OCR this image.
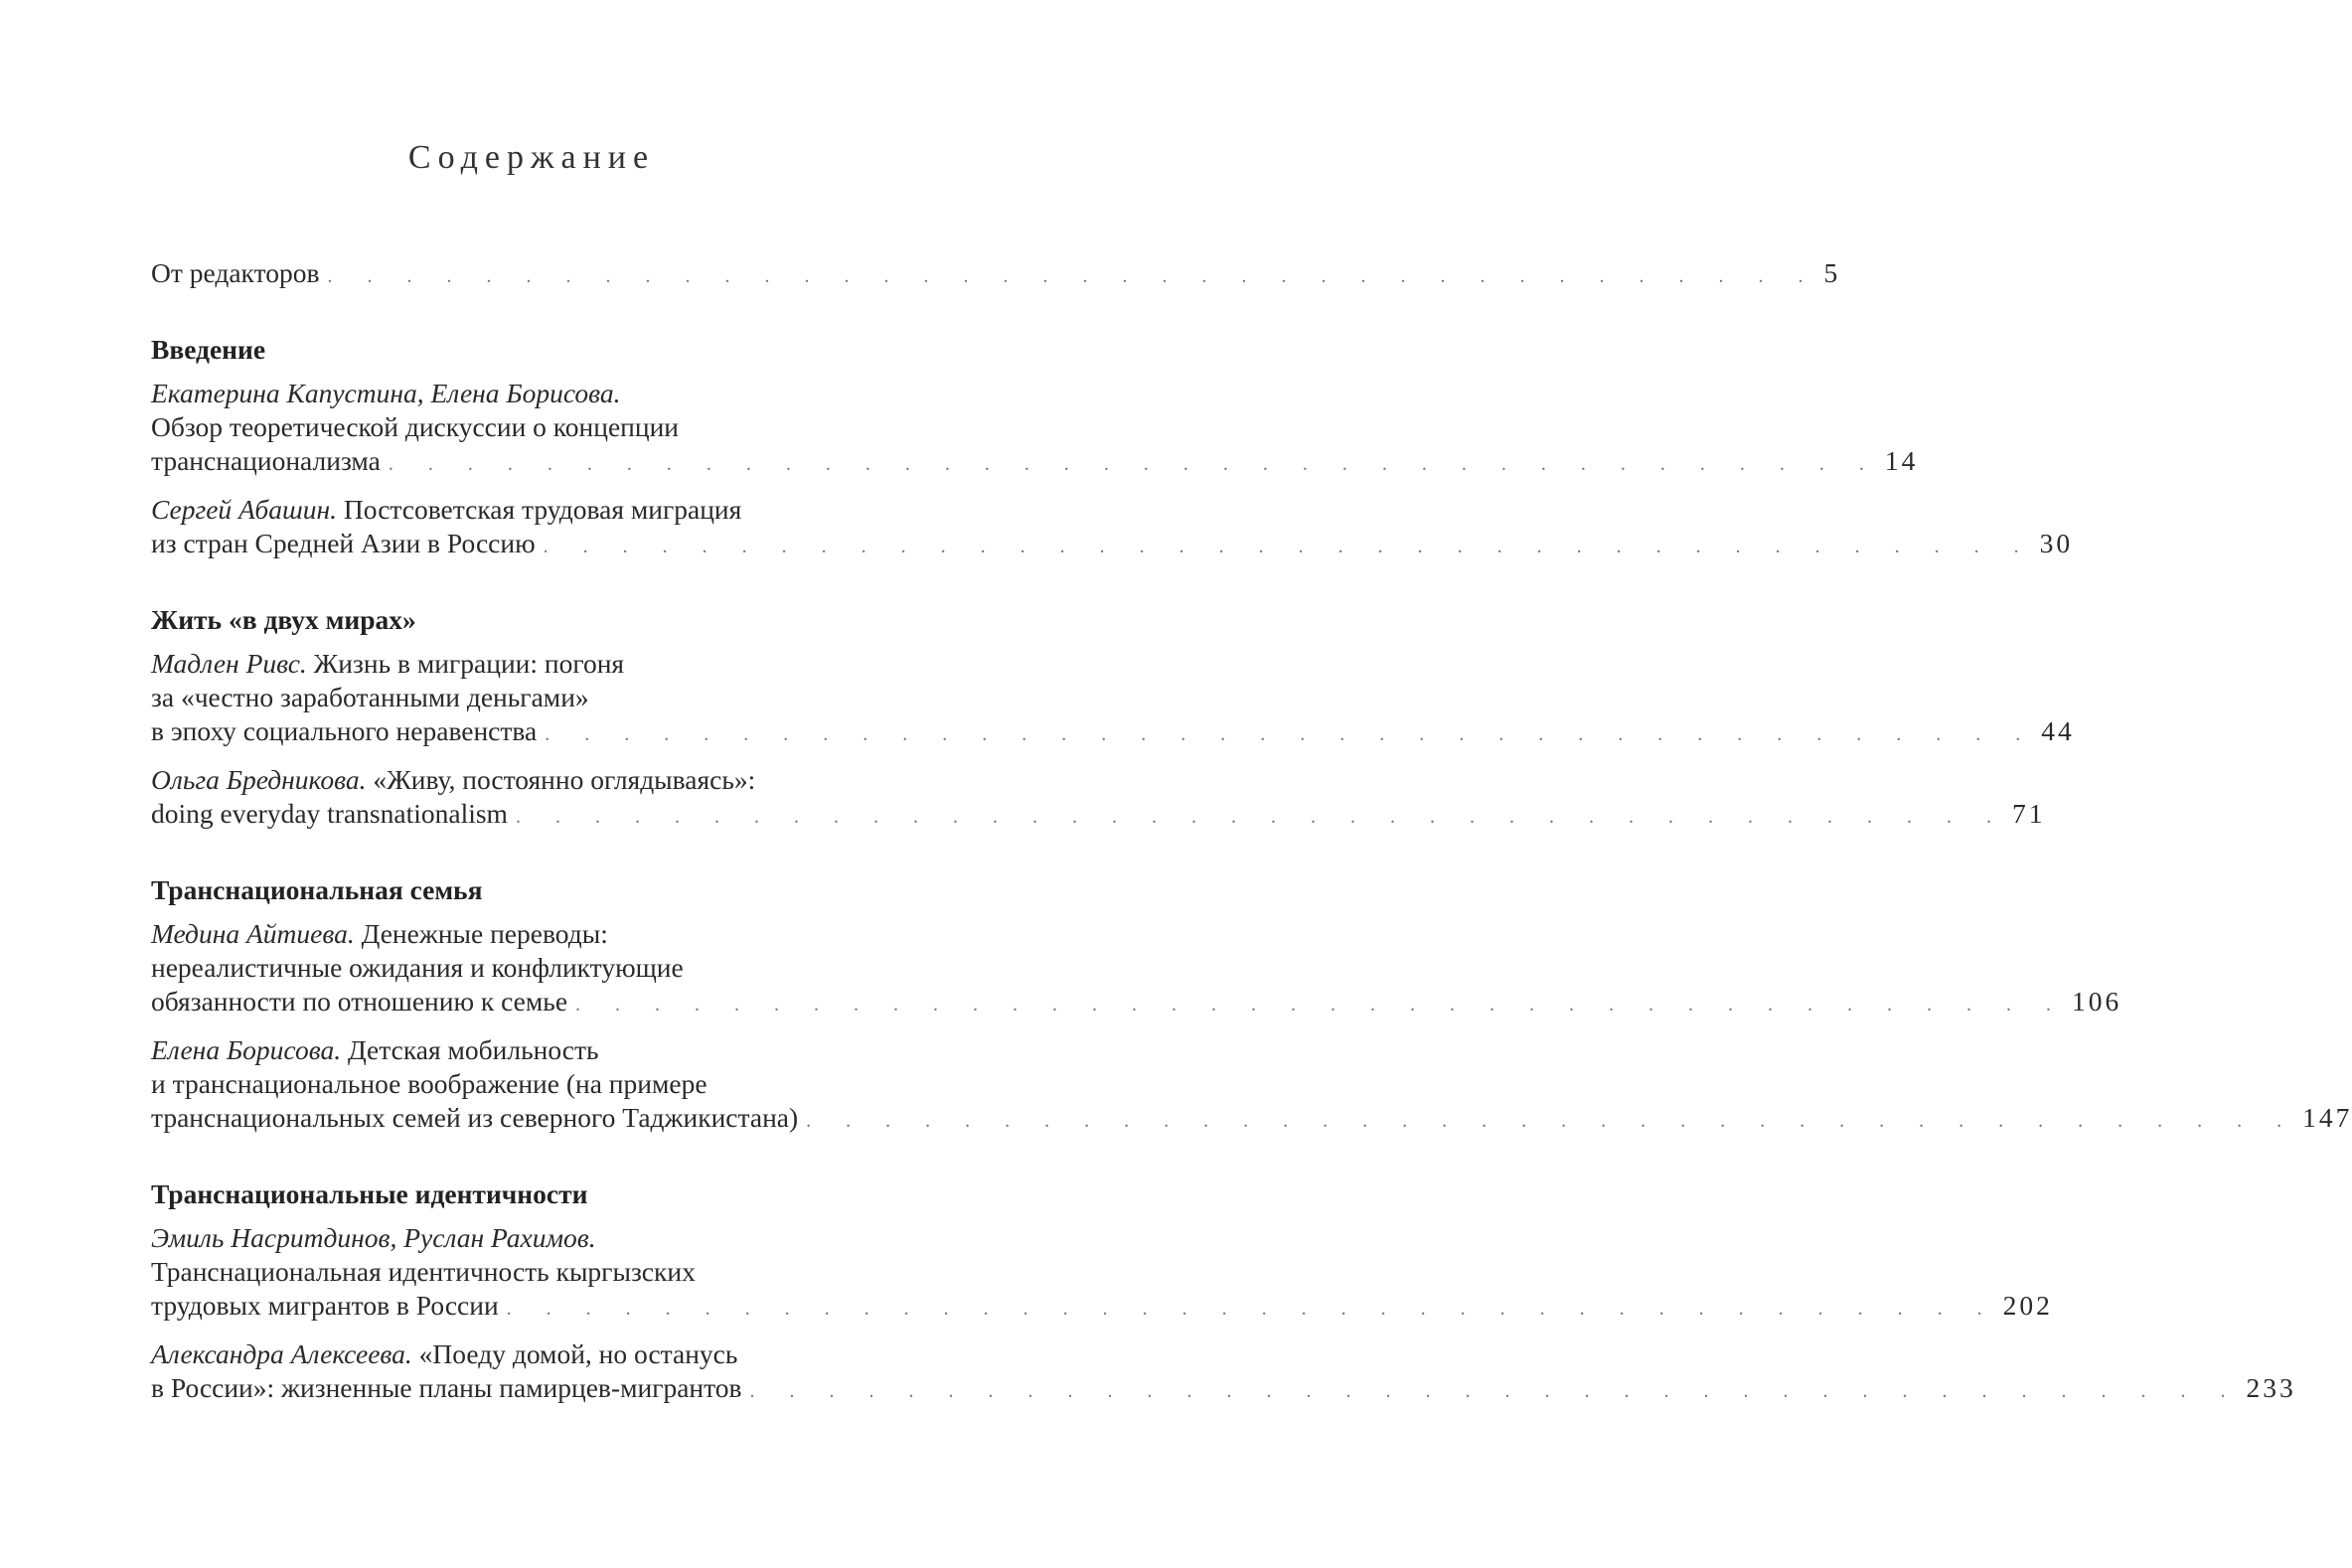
Содержание
От редакторов . . . . . . . . . . . . . . . . . . . . . . . . . . . . . . . . . . . . . . 5
Введение
Екатерина Капустина, Елена Борисова.
Обзор теоретической дискуссии о концепции
транснационализма . . . . . . . . . . . . . . . . . . . . . . . . . . . . . . . . . . . . . . 14
Сергей Абашин. Постсоветская трудовая миграция
из стран Средней Азии в Россию . . . . . . . . . . . . . . . . . . . . . . . . . . . . . . . . . . . . . . 30
Жить «в двух мирах»
Мадлен Ривс. Жизнь в миграции: погоня
за «честно заработанными деньгами»
в эпоху социального неравенства . . . . . . . . . . . . . . . . . . . . . . . . . . . . . . . . . . . . . . 44
Ольга Бредникова. «Живу, постоянно оглядываясь»:
doing everyday transnationalism . . . . . . . . . . . . . . . . . . . . . . . . . . . . . . . . . . . . . . 71
Транснациональная семья
Медина Айтиева. Денежные переводы:
нереалистичные ожидания и конфликтующие
обязанности по отношению к семье . . . . . . . . . . . . . . . . . . . . . . . . . . . . . . . . . . . . . . 106
Елена Борисова. Детская мобильность
и транснациональное воображение (на примере
транснациональных семей из северного Таджикистана) . . . . . . . . . . . . . . . . . . . . . . . . . . . . . . . . . . . . . . 147
Транснациональные идентичности
Эмиль Насритдинов, Руслан Рахимов.
Транснациональная идентичность кыргызских
трудовых мигрантов в России . . . . . . . . . . . . . . . . . . . . . . . . . . . . . . . . . . . . . . 202
Александра Алексеева. «Поеду домой, но останусь
в России»: жизненные планы памирцев-мигрантов . . . . . . . . . . . . . . . . . . . . . . . . . . . . . . . . . . . . . . 233
